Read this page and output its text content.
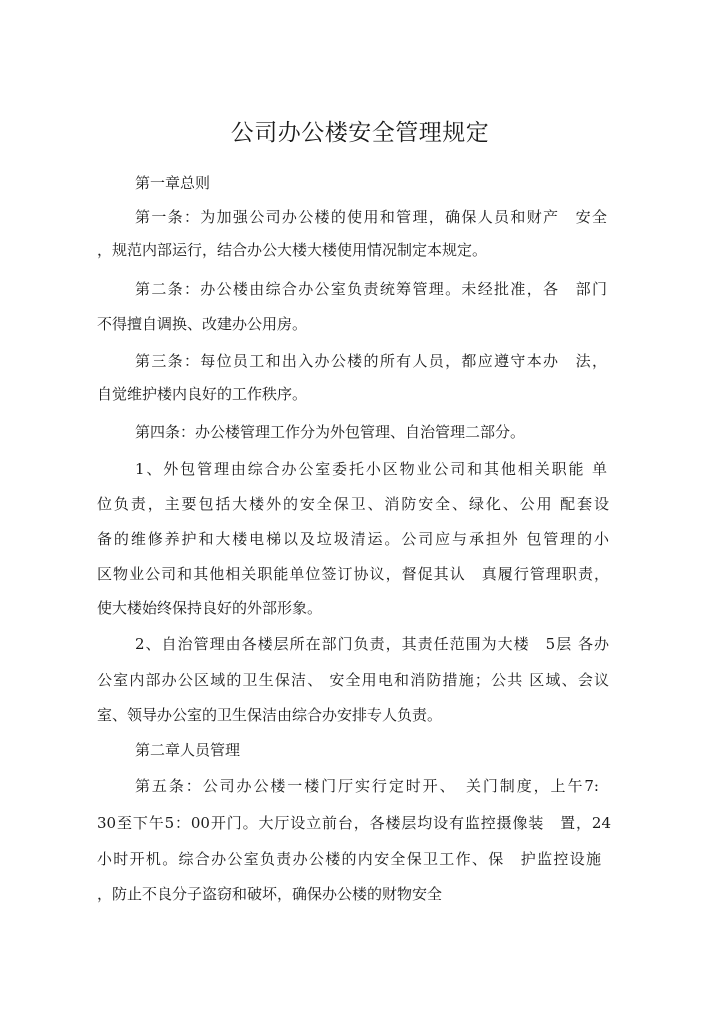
公司办公楼安全管理规定
第一章总则
第一条：为加强公司办公楼的使用和管理，确保人员和财产　安全
，规范内部运行，结合办公大楼大楼使用情况制定本规定。
第二条：办公楼由综合办公室负责统筹管理。未经批准，各　部门
不得擅自调换、改建办公用房。
第三条：每位员工和出入办公楼的所有人员，都应遵守本办　法，
自觉维护楼内良好的工作秩序。
第四条：办公楼管理工作分为外包管理、自治管理二部分。
1、外包管理由综合办公室委托小区物业公司和其他相关职能 单
位负责，主要包括大楼外的安全保卫、消防安全、绿化、公用 配套设
备的维修养护和大楼电梯以及垃圾清运。公司应与承担外 包管理的小
区物业公司和其他相关职能单位签订协议，督促其认　真履行管理职责，
使大楼始终保持良好的外部形象。
2、自治管理由各楼层所在部门负责，其责任范围为大楼　5层 各办
公室内部办公区域的卫生保洁、 安全用电和消防措施；公共 区域、会议
室、领导办公室的卫生保洁由综合办安排专人负责。
第二章人员管理
第五条：公司办公楼一楼门厅实行定时开、　关门制度，上午7:
30至下午5：00开门。大厅设立前台，各楼层均设有监控摄像装　置，24
小时开机。综合办公室负责办公楼的内安全保卫工作、保　护监控设施
，防止不良分子盗窃和破坏，确保办公楼的财物安全
